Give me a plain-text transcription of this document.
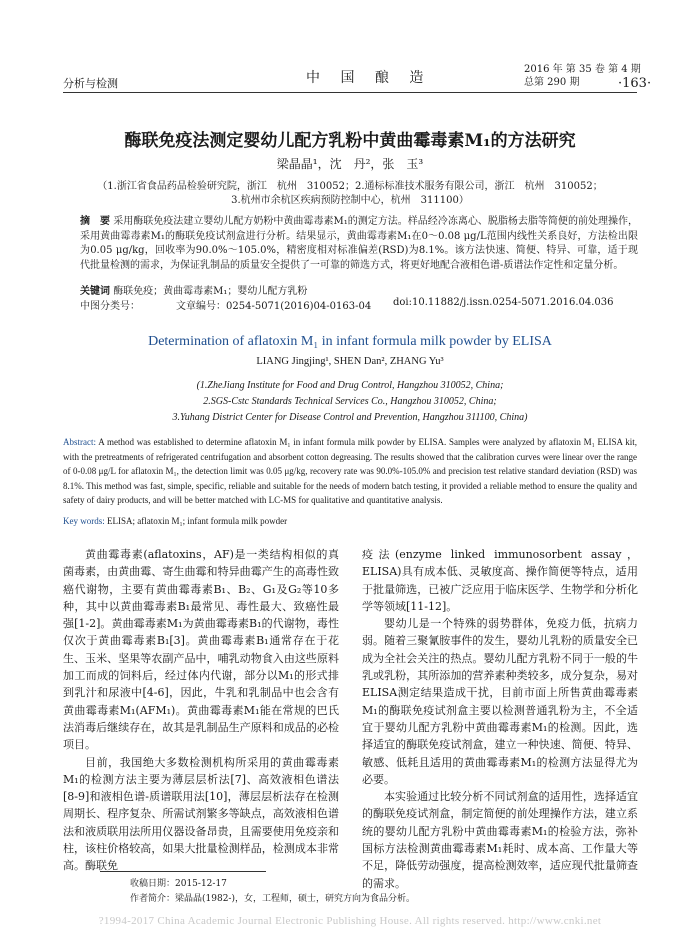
分析与检测	中 国 酿 造
2016 年 第 35 卷 第 4 期
总第 290 期	·163·
酶联免疫法测定婴幼儿配方乳粉中黄曲霉毒素M₁的方法研究
梁晶晶¹，沈　丹²，张　玉³
（1.浙江省食品药品检验研究院，浙江　杭州　310052；2.通标标准技术服务有限公司，浙江　杭州　310052；
3.杭州市余杭区疾病预防控制中心，杭州　311100）
摘　要 采用酶联免疫法建立婴幼儿配方奶粉中黄曲霉毒素M₁的测定方法。样品经冷冻离心、脱脂杨去脂等简便的前处理操作，采用黄曲霉毒素M₁的酶联免疫试剂盒进行分析。结果显示，黄曲霉毒素M₁在0～0.08 μg/L范围内线性关系良好，方法检出限为0.05 μg/kg，回收率为90.0%～105.0%，精密度相对标准偏差(RSD)为8.1%。该方法快速、简便、特异、可靠，适于现代批量检测的需求，为保证乳制品的质量安全提供了一可靠的筛选方式，将更好地配合液相色谱-质谱法作定性和定量分析。
关键词 酶联免疫；黄曲霉毒素M₁；婴幼儿配方乳粉
中图分类号：	文章编号：0254-5071(2016)04-0163-04 doi:10.11882/j.issn.0254-5071.2016.04.036
Determination of aflatoxin M₁ in infant formula milk powder by ELISA
LIANG Jingjing¹, SHEN Dan², ZHANG Yu³
(1.ZheJiang Institute for Food and Drug Control, Hangzhou 310052, China;
2.SGS-Cstc Standards Technical Services Co., Hangzhou 310052, China;
3.Yuhang District Center for Disease Control and Prevention, Hangzhou 311100, China)
Abstract: A method was established to determine aflatoxin M₁ in infant formula milk powder by ELISA. Samples were analyzed by aflatoxin M₁ ELISA kit, with the pretreatments of refrigerated centrifugation and absorbent cotton degreasing. The results showed that the calibration curves were linear over the range of 0-0.08 μg/L for aflatoxin M₁, the detection limit was 0.05 μg/kg, recovery rate was 90.0%-105.0% and precision test relative standard deviation (RSD) was 8.1%. This method was fast, simple, specific, reliable and suitable for the needs of modern batch testing, it provided a reliable method to ensure the quality and safety of dairy products, and will be better matched with LC-MS for qualitative and quantitative analysis.
Key words: ELISA; aflatoxin M₁; infant formula milk powder

黄曲霉毒素(aflatoxins，AF)是一类结构相似的真菌毒素，由黄曲霉、寄生曲霉和特异曲霉产生的高毒性致癌代谢物，主要有黄曲霉毒素B₁、B₂、G₁及G₂等10多种，其中以黄曲霉毒素B₁最常见、毒性最大、致癌性最强[1-2]。黄曲霉毒素M₁为黄曲霉毒素B₁的代谢物，毒性仅次于黄曲霉毒素B₁[3]。黄曲霉毒素B₁通常存在于花生、玉米、坚果等农副产品中，哺乳动物食入由这些原料加工而成的饲料后，经过体内代谢，部分以M₁的形式排到乳汁和尿液中[4-6]，因此，牛乳和乳制品中也会含有黄曲霉毒素M₁(AFM₁)。黄曲霉毒素M₁能在常规的巴氏法消毒后继续存在，故其是乳制品生产原料和成品的必检项目。

目前，我国绝大多数检测机构所采用的黄曲霉毒素M₁的检测方法主要为薄层层析法[7]、高效液相色谱法[8-9]和液相色谱-质谱联用法[10]，薄层层析法存在检测周期长、程序复杂、所需试剂繁多等缺点，高效液相色谱法和液质联用法所用仪器设备昂贵，且需要使用免疫亲和柱，该柱价格较高，如果大批量检测样品，检测成本非常高。酶联免

疫法(enzyme linked immunosorbent assay，ELISA)具有成本低、灵敏度高、操作简便等特点，适用于批量筛选，已被广泛应用于临床医学、生物学和分析化学等领域[11-12]。

婴幼儿是一个特殊的弱势群体，免疫力低，抗病力弱。随着三聚氰胺事件的发生，婴幼儿乳粉的质量安全已成为全社会关注的热点。婴幼儿配方乳粉不同于一般的牛乳或乳粉，其所添加的营养素种类较多，成分复杂，易对ELISA测定结果造成干扰，目前市面上所售黄曲霉毒素M₁的酶联免疫试剂盒主要以检测普通乳粉为主，不全适宜于婴幼儿配方乳粉中黄曲霉毒素M₁的检测。因此，选择适宜的酶联免疫试剂盒，建立一种快速、简便、特异、敏感、低耗且适用的黄曲霉毒素M₁的检测方法显得尤为必要。

本实验通过比较分析不同试剂盒的适用性，选择适宜的酶联免疫试剂盒，制定简便的前处理操作方法，建立系统的婴幼儿配方乳粉中黄曲霉毒素M₁的检验方法，弥补国标方法检测黄曲霉毒素M₁耗时、成本高、工作量大等不足，降低劳动强度，提高检测效率，适应现代批量筛查的需求。

收稿日期：2015-12-17
作者简介：梁晶晶(1982-)，女，工程师，硕士，研究方向为食品分析。
?1994-2017 China Academic Journal Electronic Publishing House. All rights reserved. http://www.cnki.net
